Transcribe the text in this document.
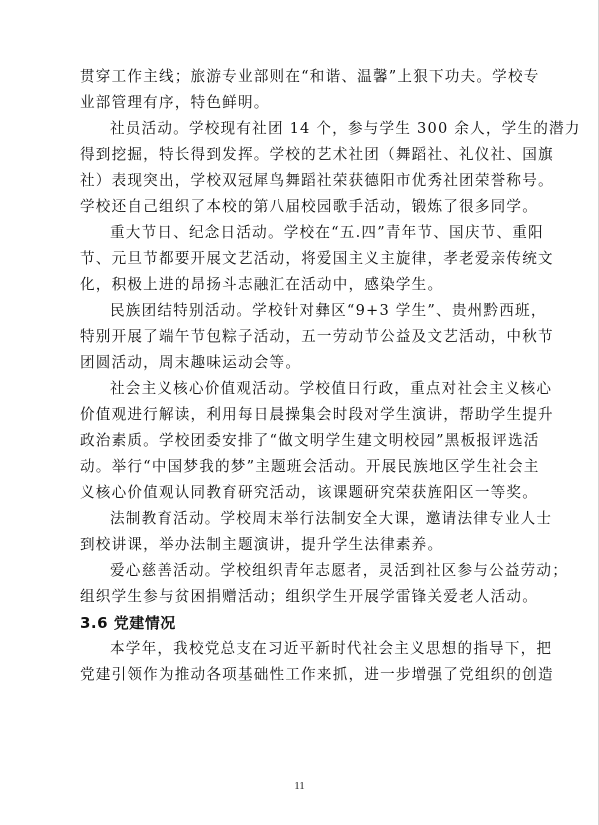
贯穿工作主线；旅游专业部则在“和谐、温馨”上狠下功夫。学校专
业部管理有序，特色鲜明。
社员活动。学校现有社团 14 个，参与学生 300 余人，学生的潜力
得到挖掘，特长得到发挥。学校的艺术社团（舞蹈社、礼仪社、国旗
社）表现突出，学校双冠犀鸟舞蹈社荣获德阳市优秀社团荣誉称号。
学校还自己组织了本校的第八届校园歌手活动，锻炼了很多同学。
重大节日、纪念日活动。学校在“五.四”青年节、国庆节、重阳
节、元旦节都要开展文艺活动，将爱国主义主旋律，孝老爱亲传统文
化，积极上进的昂扬斗志融汇在活动中，感染学生。
民族团结特别活动。学校针对彝区“9+3 学生”、贵州黔西班，
特别开展了端午节包粽子活动，五一劳动节公益及文艺活动，中秋节
团圆活动，周末趣味运动会等。
社会主义核心价值观活动。学校值日行政，重点对社会主义核心
价值观进行解读，利用每日晨操集会时段对学生演讲，帮助学生提升
政治素质。学校团委安排了“做文明学生建文明校园”黑板报评选活
动。举行“中国梦我的梦”主题班会活动。开展民族地区学生社会主
义核心价值观认同教育研究活动，该课题研究荣获旌阳区一等奖。
法制教育活动。学校周末举行法制安全大课，邀请法律专业人士
到校讲课，举办法制主题演讲，提升学生法律素养。
爱心慈善活动。学校组织青年志愿者，灵活到社区参与公益劳动；
组织学生参与贫困捐赠活动；组织学生开展学雷锋关爱老人活动。
3.6 党建情况
本学年，我校党总支在习近平新时代社会主义思想的指导下，把
党建引领作为推动各项基础性工作来抓，进一步增强了党组织的创造
11
